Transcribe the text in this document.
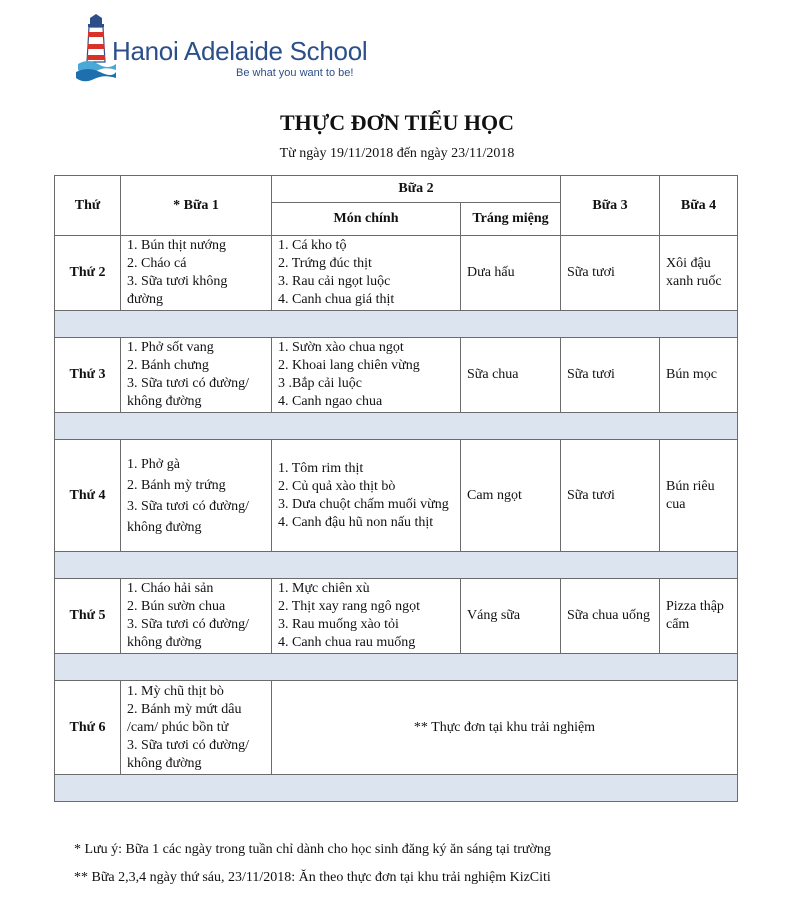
Hanoi Adelaide School
Be what you want to be!
THỰC ĐƠN TIỂU HỌC
Từ ngày 19/11/2018 đến ngày 23/11/2018
Thứ	* Bữa 1	Bữa 2		Bữa 3	Bữa 4
		Món chính	Tráng miệng		
Thứ 2	1. Bún thịt nướng
2. Cháo cá
3. Sữa tươi không đường	1. Cá kho tộ
2. Trứng đúc thịt
3. Rau cải ngọt luộc
4. Canh chua giá thịt	Dưa hấu	Sữa tươi	Xôi đậu xanh ruốc

Thứ 3	1. Phở sốt vang
2. Bánh chưng
3. Sữa tươi có đường/ không đường	1. Sườn xào chua ngọt
2. Khoai lang chiên vừng
3 .Bắp cải luộc
4. Canh ngao chua	Sữa chua	Sữa tươi	Bún mọc

Thứ 4	1. Phở gà
2. Bánh mỳ trứng
3. Sữa tươi có đường/ không đường	1. Tôm rim thịt
2. Củ quả xào thịt bò
3. Dưa chuột chấm muối vừng
4. Canh đậu hũ non nấu thịt	Cam ngọt	Sữa tươi	Bún riêu cua

Thứ 5	1. Cháo hải sản
2. Bún sườn chua
3. Sữa tươi có đường/ không đường	1. Mực chiên xù
2. Thịt xay rang ngô ngọt
3. Rau muống xào tỏi
4. Canh chua rau muống	Váng sữa	Sữa chua uống	Pizza thập cẩm

Thứ 6	1. Mỳ chũ thịt bò
2. Bánh mỳ mứt dâu /cam/ phúc bồn tử
3. Sữa tươi có đường/ không đường	** Thực đơn tại khu trải nghiệm			

* Lưu ý: Bữa 1 các ngày trong tuần chỉ dành cho học sinh đăng ký ăn sáng tại trường
** Bữa 2,3,4 ngày thứ sáu, 23/11/2018: Ăn theo thực đơn tại khu trải nghiệm KizCiti
